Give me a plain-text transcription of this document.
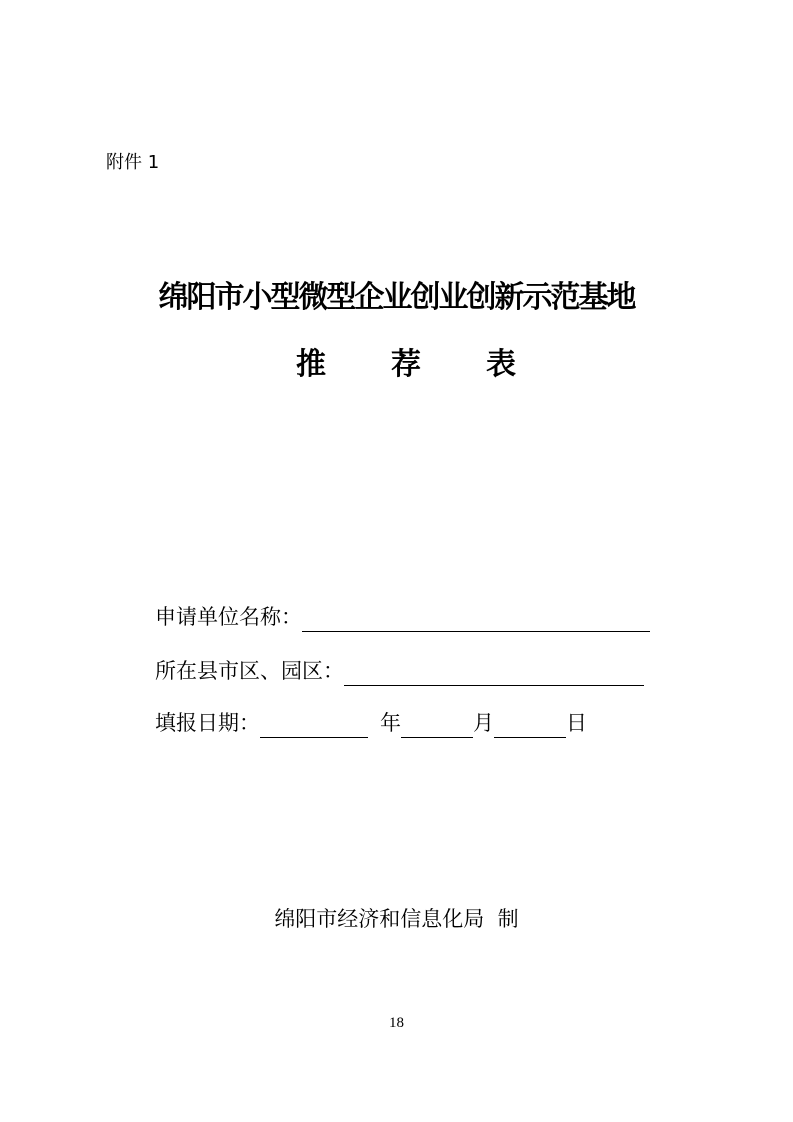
附件 1
绵阳市小型微型企业创业创新示范基地
推 荐 表
申请单位名称：
所在县市区、园区：
填报日期：	年	月	日
绵阳市经济和信息化局  制
18
